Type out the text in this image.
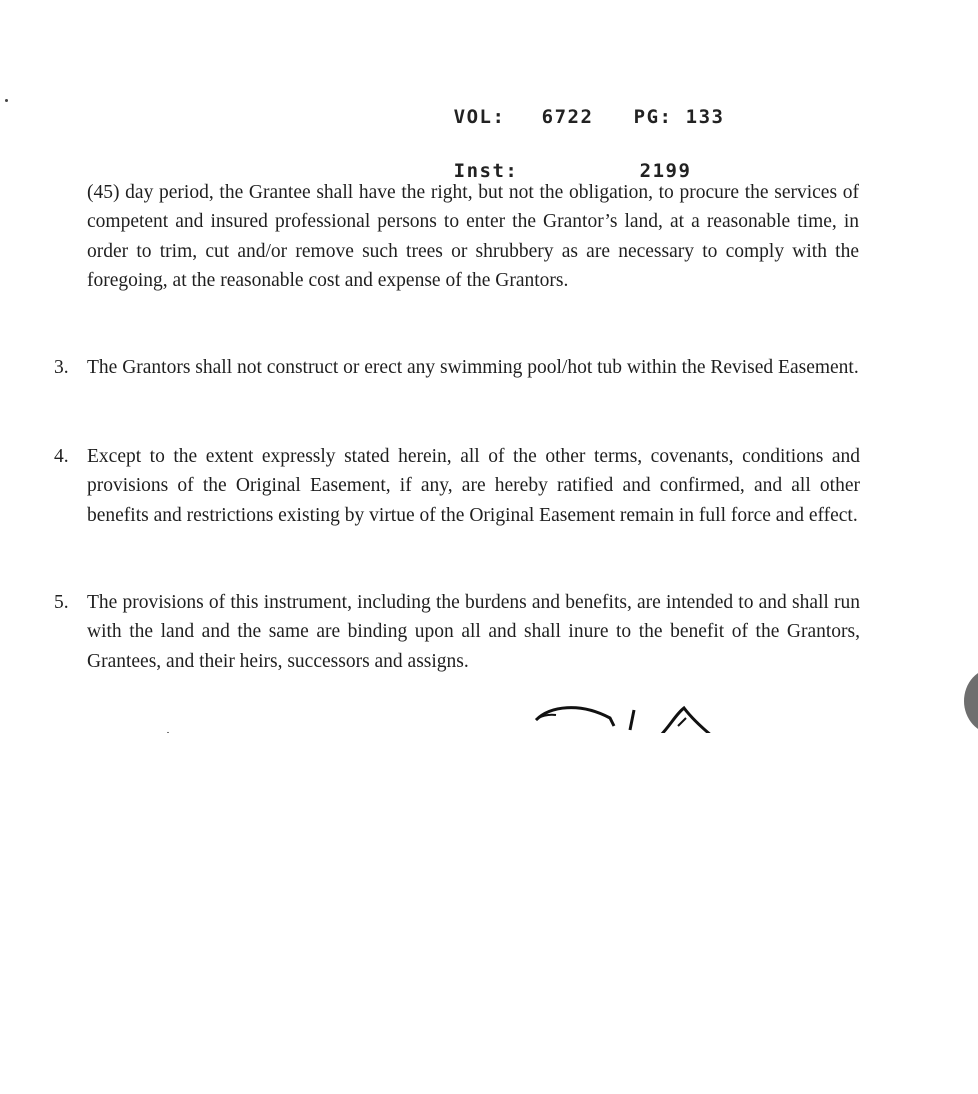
VOL: 6722 PG: 133

Inst:	2199

(45) day period, the Grantee shall have the right, but not the obligation, to procure the services of competent and insured professional persons to enter the Grantor’s land, at a reasonable time, in order to trim, cut and/or remove such trees or shrubbery as are necessary to comply with the foregoing, at the reasonable cost and expense of the Grantors.
3. The Grantors shall not construct or erect any swimming pool/hot tub within the Revised Easement.
4. Except to the extent expressly stated herein, all of the other terms, covenants, conditions and provisions of the Original Easement, if any, are hereby ratified and confirmed, and all other benefits and restrictions existing by virtue of the Original Easement remain in full force and effect.
5. The provisions of this instrument, including the burdens and benefits, are intended to and shall run with the land and the same are binding upon all and shall inure to the benefit of the Grantors, Grantees, and their heirs, successors and assigns.
